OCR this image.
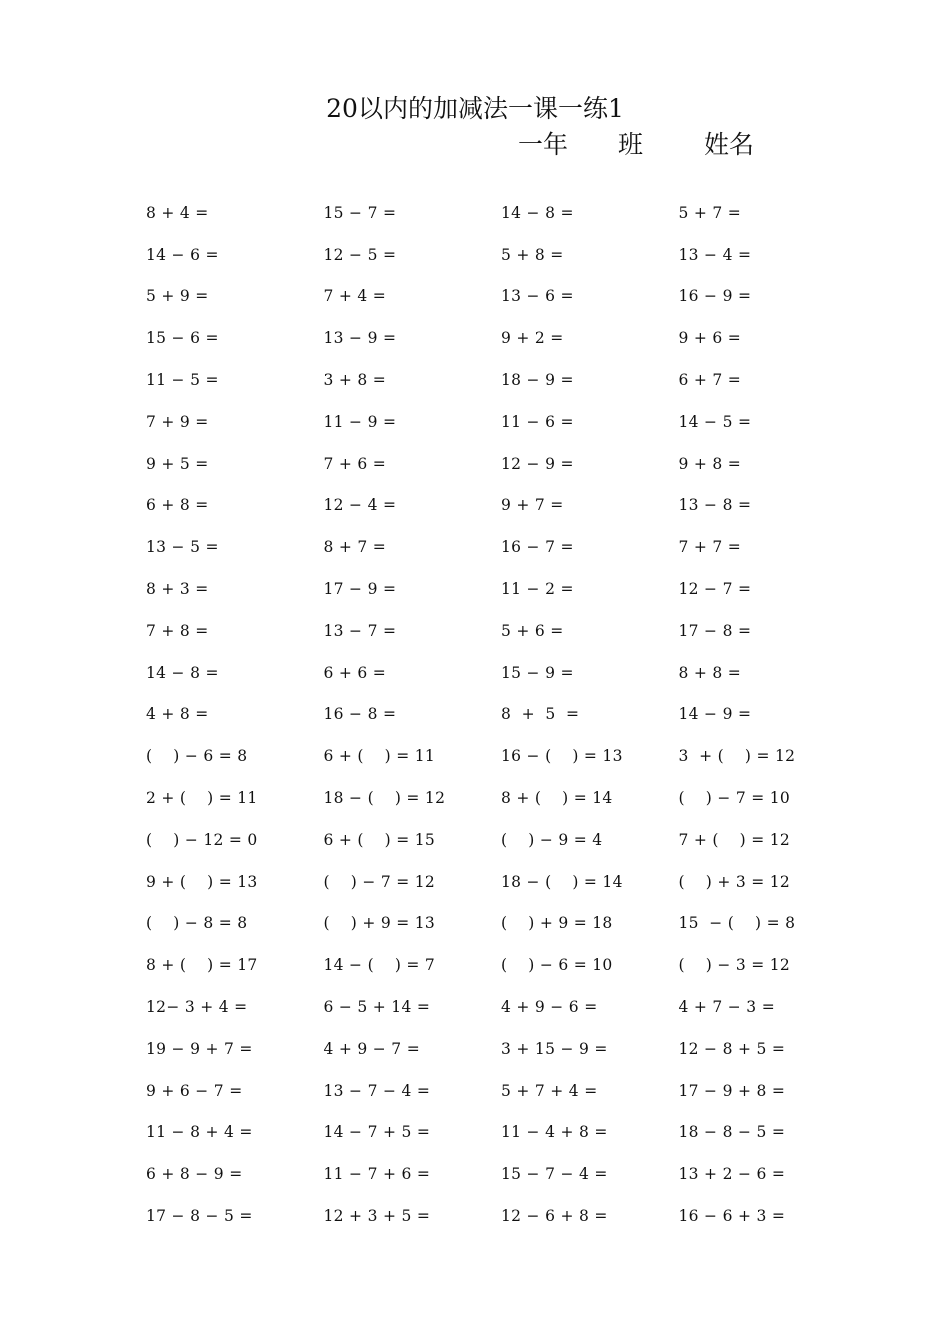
20以内的加减法一课一练1
一年 班 姓名
8 + 4 =	15 − 7 =	14 − 8 =	5 + 7 =
14 − 6 =	12 − 5 =	5 + 8 =	13 − 4 =
5 + 9 =	7 + 4 =	13 − 6 =	16 − 9 =
15 − 6 =	13 − 9 =	9 + 2 =	9 + 6 =
11 − 5 =	3 + 8 =	18 − 9 =	6 + 7 =
7 + 9 =	11 − 9 =	11 − 6 =	14 − 5 =
9 + 5 =	7 + 6 =	12 − 9 =	9 + 8 =
6 + 8 =	12 − 4 =	9 + 7 =	13 − 8 =
13 − 5 =	8 + 7 =	16 − 7 =	7 + 7 =
8 + 3 =	17 − 9 =	11 − 2 =	12 − 7 =
7 + 8 =	13 − 7 =	5 + 6 =	17 − 8 =
14 − 8 =	6 + 6 =	15 − 9 =	8 + 8 =
4 + 8 =	16 − 8 =	8  +  5  =	14 − 9 =
(    ) − 6 = 8	6 + (    ) = 11	16 − (    ) = 13	3  + (    ) = 12
2 + (    ) = 11	18 − (    ) = 12	8 + (    ) = 14	(    ) − 7 = 10
(    ) − 12 = 0	6 + (    ) = 15	(    ) − 9 = 4	7 + (    ) = 12
9 + (    ) = 13	(    ) − 7 = 12	18 − (    ) = 14	(    ) + 3 = 12
(    ) − 8 = 8	(    ) + 9 = 13	(    ) + 9 = 18	15  − (    ) = 8
8 + (    ) = 17	14 − (    ) = 7	(    ) − 6 = 10	(    ) − 3 = 12
12− 3 + 4 =	6 − 5 + 14 =	4 + 9 − 6 =	4 + 7 − 3 =
19 − 9 + 7 =	4 + 9 − 7 =	3 + 15 − 9 =	12 − 8 + 5 =
9 + 6 − 7 =	13 − 7 − 4 =	5 + 7 + 4 =	17 − 9 + 8 =
11 − 8 + 4 =	14 − 7 + 5 =	11 − 4 + 8 =	18 − 8 − 5 =
6 + 8 − 9 =	11 − 7 + 6 =	15 − 7 − 4 =	13 + 2 − 6 =
17 − 8 − 5 =	12 + 3 + 5 =	12 − 6 + 8 =	16 − 6 + 3 =
